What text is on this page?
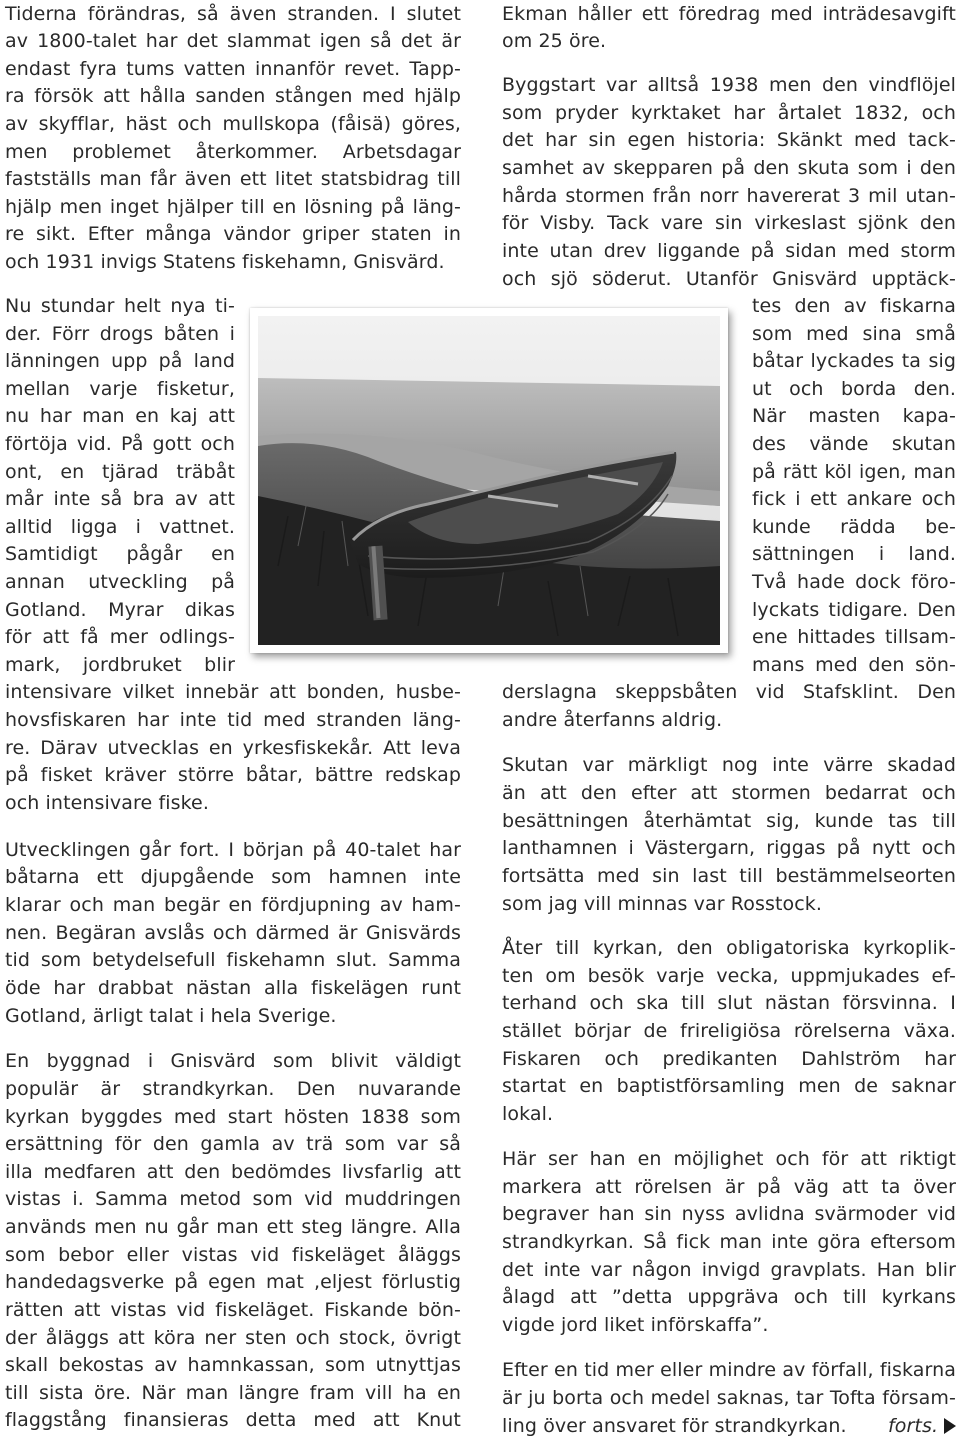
Tiderna förändras, så även stranden. I slutet
av 1800-talet har det slammat igen så det är
endast fyra tums vatten innanför revet. Tapp-
ra försök att hålla sanden stången med hjälp
av skyfflar, häst och mullskopa (fåisä) göres,
men problemet återkommer. Arbetsdagar
fastställs man får även ett litet statsbidrag till
hjälp men inget hjälper till en lösning på läng-
re sikt. Efter många vändor griper staten in
och 1931 invigs Statens fiskehamn, Gnisvärd.
Nu stundar helt nya ti-
der. Förr drogs båten i
länningen upp på land
mellan varje fisketur,
nu har man en kaj att
förtöja vid. På gott och
ont, en tjärad träbåt
mår inte så bra av att
alltid ligga i vattnet.
Samtidigt pågår en
annan utveckling på
Gotland. Myrar dikas
för att få mer odlings-
mark, jordbruket blir
intensivare vilket innebär att bonden, husbe-
hovsfiskaren har inte tid med stranden läng-
re. Därav utvecklas en yrkesfiskekår. Att leva
på fisket kräver större båtar, bättre redskap
och intensivare fiske.
Utvecklingen går fort. I början på 40-talet har
båtarna ett djupgående som hamnen inte
klarar och man begär en fördjupning av ham-
nen. Begäran avslås och därmed är Gnisvärds
tid som betydelsefull fiskehamn slut. Samma
öde har drabbat nästan alla fiskelägen runt
Gotland, ärligt talat i hela Sverige.
En byggnad i Gnisvärd som blivit väldigt
populär är strandkyrkan. Den nuvarande
kyrkan byggdes med start hösten 1838 som
ersättning för den gamla av trä som var så
illa medfaren att den bedömdes livsfarlig att
vistas i. Samma metod som vid muddringen
används men nu går man ett steg längre. Alla
som bebor eller vistas vid fiskeläget åläggs
handedagsverke på egen mat ,eljest förlustig
rätten att vistas vid fiskeläget. Fiskande bön-
der åläggs att köra ner sten och stock, övrigt
skall bekostas av hamnkassan, som utnyttjas
till sista öre. När man längre fram vill ha en
flaggstång finansieras detta med att Knut
Ekman håller ett föredrag med inträdesavgift
om 25 öre.
Byggstart var alltså 1938 men den vindflöjel
som pryder kyrktaket har årtalet 1832, och
det har sin egen historia: Skänkt med tack-
samhet av skepparen på den skuta som i den
hårda stormen från norr havererat 3 mil utan-
för Visby. Tack vare sin virkeslast sjönk den
inte utan drev liggande på sidan med storm
och sjö söderut. Utanför Gnisvärd upptäck-
tes den av fiskarna
som med sina små
båtar lyckades ta sig
ut och borda den.
När masten kapa-
des vände skutan
på rätt köl igen, man
fick i ett ankare och
kunde rädda be-
sättningen i land.
Två hade dock föro-
lyckats tidigare. Den
ene hittades tillsam-
mans med den sön-
derslagna skeppsbåten vid Stafsklint. Den
andre återfanns aldrig.
Skutan var märkligt nog inte värre skadad
än att den efter att stormen bedarrat och
besättningen återhämtat sig, kunde tas till
lanthamnen i Västergarn, riggas på nytt och
fortsätta med sin last till bestämmelseorten
som jag vill minnas var Rosstock.
Åter till kyrkan, den obligatoriska kyrkoplik-
ten om besök varje vecka, uppmjukades ef-
terhand och ska till slut nästan försvinna. I
stället börjar de frireligiösa rörelserna växa.
Fiskaren och predikanten Dahlström har
startat en baptistförsamling men de saknar
lokal.
Här ser han en möjlighet och för att riktigt
markera att rörelsen är på väg att ta över
begraver han sin nyss avlidna svärmoder vid
strandkyrkan. Så fick man inte göra eftersom
det inte var någon invigd gravplats. Han blir
ålagd att ”detta uppgräva och till kyrkans
vigde jord liket införskaffa”.
Efter en tid mer eller mindre av förfall, fiskarna
är ju borta och medel saknas, tar Tofta försam-
ling över ansvaret för strandkyrkan. forts.
